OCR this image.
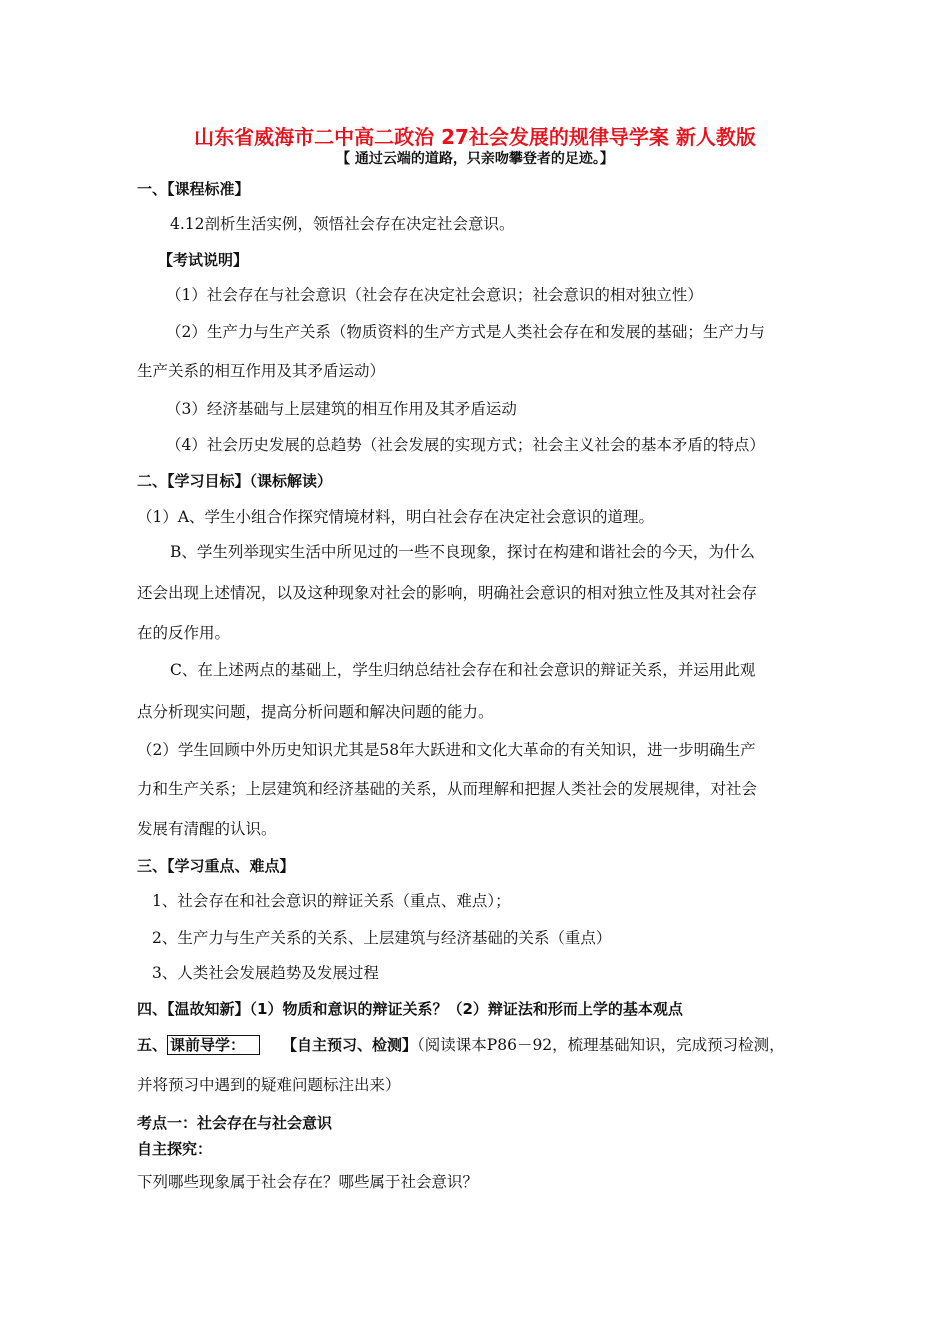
山东省威海市二中高二政治 27社会发展的规律导学案 新人教版
【 通过云端的道路，只亲吻攀登者的足迹。】
一、【课程标准】
4.12剖析生活实例，领悟社会存在决定社会意识。
【考试说明】
（1）社会存在与社会意识（社会存在决定社会意识；社会意识的相对独立性）
（2）生产力与生产关系（物质资料的生产方式是人类社会存在和发展的基础；生产力与
生产关系的相互作用及其矛盾运动）
（3）经济基础与上层建筑的相互作用及其矛盾运动
（4）社会历史发展的总趋势（社会发展的实现方式；社会主义社会的基本矛盾的特点）
二、【学习目标】（课标解读）
（1）A、学生小组合作探究情境材料，明白社会存在决定社会意识的道理。
B、学生列举现实生活中所见过的一些不良现象，探讨在构建和谐社会的今天，为什么
还会出现上述情况，以及这种现象对社会的影响，明确社会意识的相对独立性及其对社会存
在的反作用。
C、在上述两点的基础上，学生归纳总结社会存在和社会意识的辩证关系，并运用此观
点分析现实问题，提高分析问题和解决问题的能力。
（2）学生回顾中外历史知识尤其是58年大跃进和文化大革命的有关知识，进一步明确生产
力和生产关系；上层建筑和经济基础的关系，从而理解和把握人类社会的发展规律，对社会
发展有清醒的认识。
三、【学习重点、难点】
1、社会存在和社会意识的辩证关系（重点、难点）；
2、生产力与生产关系的关系、上层建筑与经济基础的关系（重点）
3、人类社会发展趋势及发展过程
四、【温故知新】（1）物质和意识的辩证关系？（2）辩证法和形而上学的基本观点
五、 课前导学： 【自主预习、检测】（阅读课本P86－92，梳理基础知识，完成预习检测，
并将预习中遇到的疑难问题标注出来）
考点一：社会存在与社会意识
自主探究：
下列哪些现象属于社会存在？哪些属于社会意识？
